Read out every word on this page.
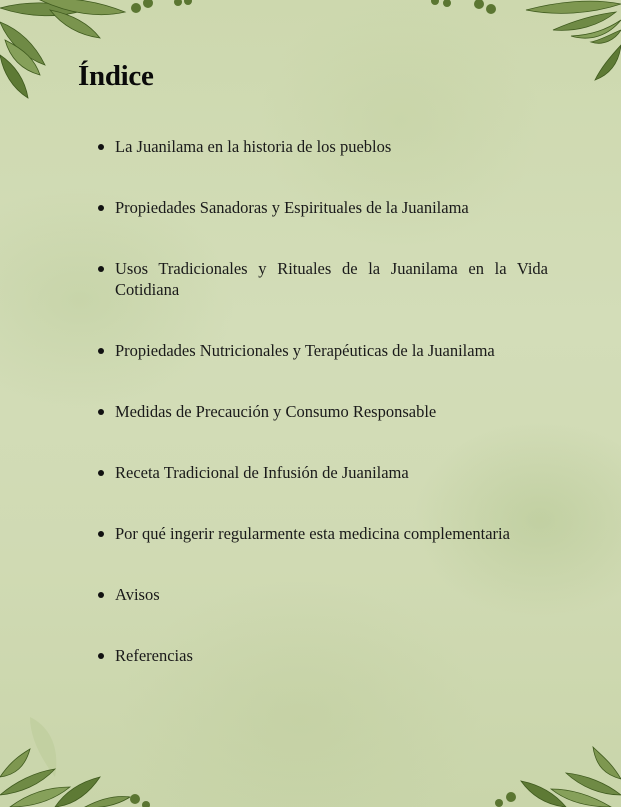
Índice
La Juanilama en la historia de los pueblos
Propiedades Sanadoras y Espirituales de la Juanilama
Usos Tradicionales y Rituales de la Juanilama en la Vida Cotidiana
Propiedades Nutricionales y Terapéuticas de la Juanilama
Medidas de Precaución y Consumo Responsable
Receta Tradicional de Infusión de Juanilama
Por qué ingerir regularmente esta medicina complementaria
Avisos
Referencias
